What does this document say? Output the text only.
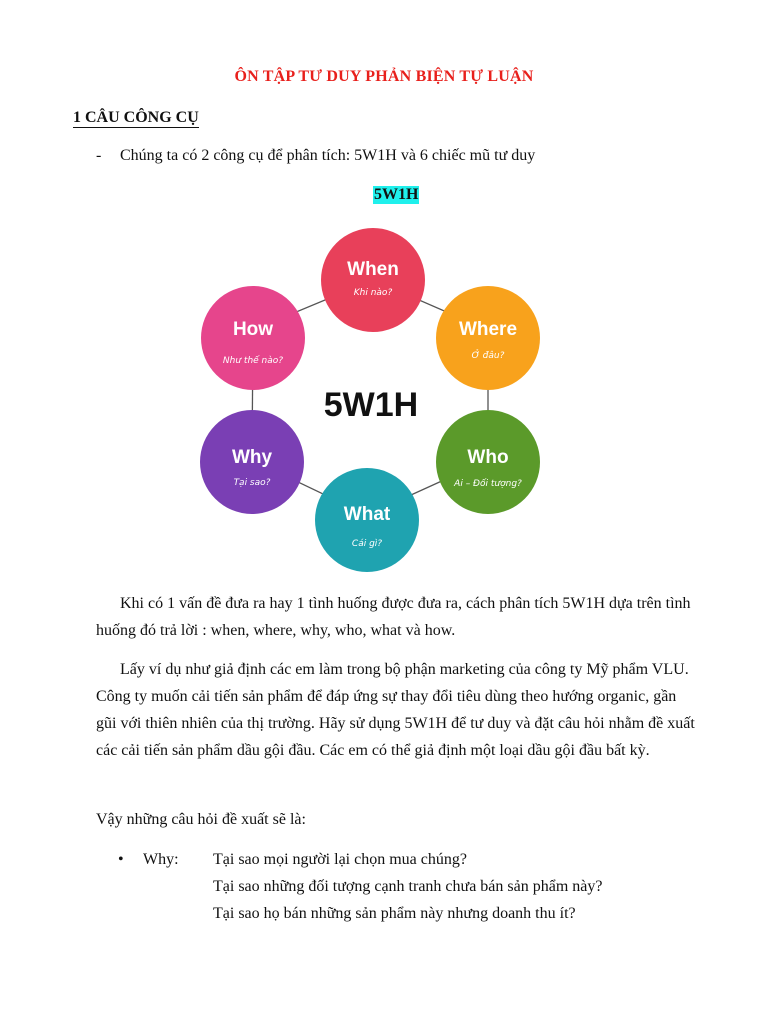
ÔN TẬP TƯ DUY PHẢN BIỆN TỰ LUẬN
1 CÂU CÔNG CỤ
- Chúng ta có 2 công cụ để phân tích: 5W1H và 6 chiếc mũ tư duy
5W1H
5W1H
When
Khi nào?
Where
Ở đâu?
Who
Ai – Đối tượng?
What
Cái gì?
Why
Tại sao?
How
Như thế nào?
Khi có 1 vấn đề đưa ra hay 1 tình huống được đưa ra, cách phân tích 5W1H dựa trên tình huống đó trả lời : when, where, why, who, what và how.
Lấy ví dụ như giả định các em làm trong bộ phận marketing của công ty Mỹ phẩm VLU. Công ty muốn cải tiến sản phẩm để đáp ứng sự thay đổi tiêu dùng theo hướng organic, gần gũi với thiên nhiên của thị trường. Hãy sử dụng 5W1H để tư duy và đặt câu hỏi nhằm đề xuất các cải tiến sản phẩm dầu gội đầu. Các em có thể giả định một loại dầu gội đầu bất kỳ.
Vậy những câu hỏi đề xuất sẽ là:
• Why: Tại sao mọi người lại chọn mua chúng?
Tại sao những đối tượng cạnh tranh chưa bán sản phẩm này?
Tại sao họ bán những sản phẩm này nhưng doanh thu ít?
